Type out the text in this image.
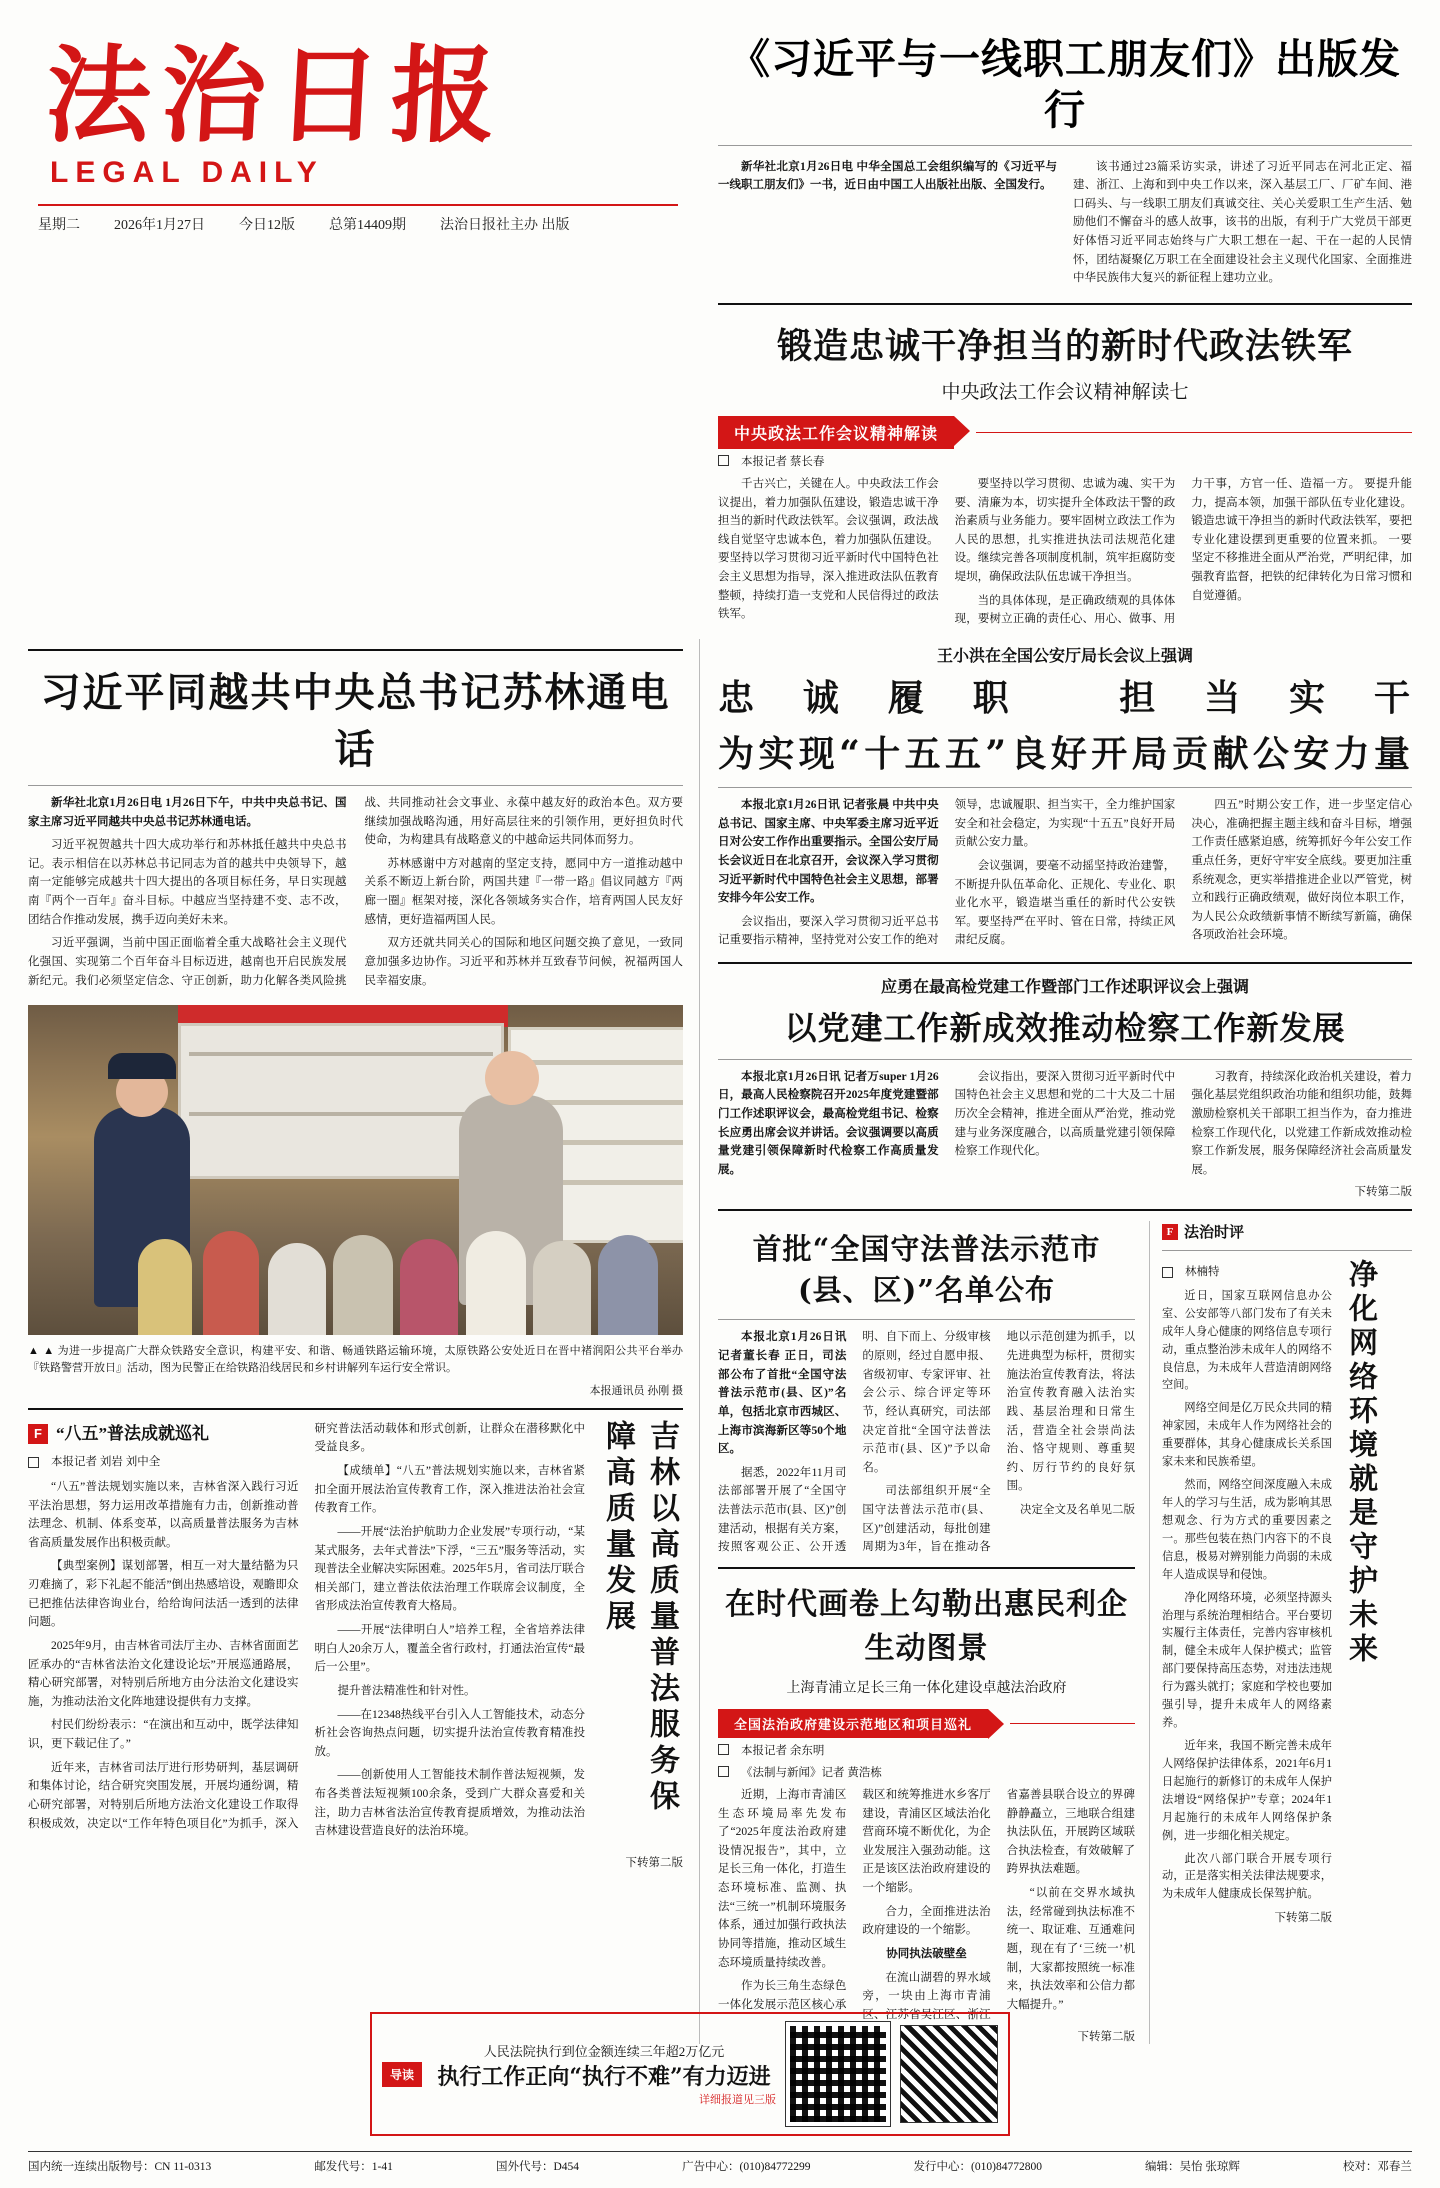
法治日报
LEGAL DAILY
星期二 2026年1月27日 今日12版 总第14409期 法治日报社主办 出版
《习近平与一线职工朋友们》出版发行

新华社北京1月26日电 中华全国总工会组织编写的《习近平与一线职工朋友们》一书，近日由中国工人出版社出版、全国发行。

该书通过23篇采访实录，讲述了习近平同志在河北正定、福建、浙江、上海和到中央工作以来，深入基层工厂、厂矿车间、港口码头、与一线职工朋友们真诚交往、关心关爱职工生产生活、勉励他们不懈奋斗的感人故事，该书的出版，有利于广大党员干部更好体悟习近平同志始终与广大职工想在一起、干在一起的人民情怀，团结凝聚亿万职工在全面建设社会主义现代化国家、全面推进中华民族伟大复兴的新征程上建功立业。

锻造忠诚干净担当的新时代政法铁军
中央政法工作会议精神解读七
中央政法工作会议精神解读
本报记者 蔡长春

千古兴亡，关键在人。中央政法工作会议提出，着力加强队伍建设，锻造忠诚干净担当的新时代政法铁军。会议强调，政法战线自觉坚守忠诚本色，着力加强队伍建设。要坚持以学习贯彻习近平新时代中国特色社会主义思想为指导，深入推进政法队伍教育整顿，持续打造一支党和人民信得过的政法铁军。

要坚持以学习贯彻、忠诚为魂、实干为要、清廉为本，切实提升全体政法干警的政治素质与业务能力。要牢固树立政法工作为人民的思想，扎实推进执法司法规范化建设。继续完善各项制度机制，筑牢拒腐防变堤坝，确保政法队伍忠诚干净担当。

当的具体体现，是正确政绩观的具体体现，要树立正确的责任心、用心、做事、用力干事，方官一任、造福一方。 要提升能力，提高本领，加强干部队伍专业化建设。 锻造忠诚干净担当的新时代政法铁军，要把专业化建设摆到更重要的位置来抓。 一要坚定不移推进全面从严治党，严明纪律，加强教育监督，把铁的纪律转化为日常习惯和自觉遵循。

习近平同越共中央总书记苏林通电话

新华社北京1月26日电 1月26日下午，中共中央总书记、国家主席习近平同越共中央总书记苏林通电话。

习近平祝贺越共十四大成功举行和苏林抵任越共中央总书记。表示相信在以苏林总书记同志为首的越共中央领导下，越南一定能够完成越共十四大提出的各项目标任务，早日实现越南『两个一百年』奋斗目标。中越应当坚持建不变、志不改，团结合作推动发展，携手迈向美好未来。

习近平强调，当前中国正面临着全重大战略社会主义现代化强国、实现第二个百年奋斗目标迈进，越南也开启民族发展新纪元。我们必须坚定信念、守正创新，助力化解各类风险挑战、共同推动社会文事业、永葆中越友好的政治本色。双方要继续加强战略沟通，用好高层往来的引领作用，更好担负时代使命，为构建具有战略意义的中越命运共同体而努力。

苏林感谢中方对越南的坚定支持，愿同中方一道推动越中关系不断迈上新台阶，两国共建『一带一路』倡议同越方『两廊一圈』框架对接，深化各领域务实合作，培育两国人民友好感情，更好造福两国人民。

双方还就共同关心的国际和地区问题交换了意见，一致同意加强多边协作。习近平和苏林并互致春节问候，祝福两国人民幸福安康。

▲ ▲ 为进一步提高广大群众铁路安全意识，构建平安、和谐、畅通铁路运输环境，太原铁路公安处近日在晋中褚润阳公共平台举办『铁路警营开放日』活动，图为民警正在给铁路沿线居民和乡村讲解列车运行安全常识。
本报通讯员 孙刚 摄
F “八五”普法成就巡礼
本报记者 刘岩 刘中全

“八五”普法规划实施以来，吉林省深入践行习近平法治思想，努力运用改革措施有力击，创新推动普法理念、机制、体系变革，以高质量普法服务为吉林省高质量发展作出积极贡献。

【典型案例】谋划部署，相互一对大量结骼为只刃难摘了，彩下礼起不能活”倒出热感培设，观瞻即众已把推估法律咨询业台，给给询问法活一透到的法律问题。

2025年9月，由吉林省司法厅主办、吉林省面面艺匠承办的“吉林省法治文化建设论坛”开展巡通路展，精心研究部署，对特别后所地方由分法治文化建设实施，为推动法治文化阵地建设提供有力支撑。

村民们纷纷表示：“在演出和互动中，既学法律知识，更下载记住了。”

近年来，吉林省司法厅进行形势研判，基层调研和集体讨论，结合研究突围发展，开展均通纷调，精心研究部署，对特别后所地方法治文化建设工作取得积极成效，决定以“工作年特色项目化”为抓手，深入研究普法活动载体和形式创新，让群众在潜移默化中受益良多。

【成绩单】“八五”普法规划实施以来，吉林省紧扣全面开展法治宣传教育工作，深入推进法治社会宣传教育工作。

——开展“法治护航助力企业发展”专项行动，“某某式服务，去年式普法”下浮，“三五”服务等活动，实现普法全业解决实际困难。2025年5月，省司法厅联合相关部门，建立普法依法治理工作联席会议制度，全省形成法治宣传教育大格局。

——开展“法律明白人”培养工程，全省培养法律明白人20余万人，覆盖全省行政村，打通法治宣传“最后一公里”。

提升普法精准性和针对性。

——在12348热线平台引入人工智能技术，动态分析社会咨询热点问题，切实提升法治宣传教育精准投放。

——创新使用人工智能技术制作普法短视频，发布各类普法短视频100余条，受到广大群众喜爱和关注，助力吉林省法治宣传教育提质增效，为推动法治吉林建设营造良好的法治环境。

吉林以高质量普法服务保障高质量发展
下转第二版
王小洪在全国公安厅局长会议上强调
忠诚履职 担当实干
为实现“十五五”良好开局贡献公安力量

本报北京1月26日讯 记者张晨 中共中央总书记、国家主席、中央军委主席习近平近日对公安工作作出重要指示。全国公安厅局长会议近日在北京召开，会议深入学习贯彻习近平新时代中国特色社会主义思想，部署安排今年公安工作。

会议指出，要深入学习贯彻习近平总书记重要指示精神，坚持党对公安工作的绝对领导，忠诚履职、担当实干，全力维护国家安全和社会稳定，为实现“十五五”良好开局贡献公安力量。

会议强调，要毫不动摇坚持政治建警，不断提升队伍革命化、正规化、专业化、职业化水平，锻造堪当重任的新时代公安铁军。要坚持严在平时、管在日常，持续正风肃纪反腐。

四五”时期公安工作，进一步坚定信心决心，准确把握主题主线和奋斗目标，增强工作责任感紧迫感，统筹抓好今年公安工作重点任务，更好守牢安全底线。要更加注重系统观念，更实举措推进企业以严管党，树立和践行正确政绩观，做好岗位本职工作，为人民公众政绩新事情不断续写新篇，确保各项政治社会环境。

应勇在最高检党建工作暨部门工作述职评议会上强调
以党建工作新成效推动检察工作新发展

本报北京1月26日讯 记者万super 1月26日，最高人民检察院召开2025年度党建暨部门工作述职评议会，最高检党组书记、检察长应勇出席会议并讲话。会议强调要以高质量党建引领保障新时代检察工作高质量发展。

会议指出，要深入贯彻习近平新时代中国特色社会主义思想和党的二十大及二十届历次全会精神，推进全面从严治党，推动党建与业务深度融合，以高质量党建引领保障检察工作现代化。

习教育，持续深化政治机关建设，着力强化基层党组织政治功能和组织功能，鼓舞激励检察机关干部职工担当作为，奋力推进检察工作现代化，以党建工作新成效推动检察工作新发展，服务保障经济社会高质量发展。

下转第二版
首批“全国守法普法示范市(县、区)”名单公布

本报北京1月26日讯 记者董长春 正日，司法部公布了首批“全国守法普法示范市(县、区)”名单，包括北京市西城区、上海市滨海新区等50个地区。

据悉，2022年11月司法部部署开展了“全国守法普法示范市(县、区)”创建活动，根据有关方案，按照客观公正、公开透明、自下而上、分级审核的原则，经过自愿申报、省级初审、专家评审、社会公示、综合评定等环节，经认真研究，司法部决定首批“全国守法普法示范市(县、区)”予以命名。

司法部组织开展“全国守法普法示范市(县、区)”创建活动，每批创建周期为3年，旨在推动各地以示范创建为抓手，以先进典型为标杆，贯彻实施法治宣传教育法，将法治宣传教育融入法治实践、基层治理和日常生活，营造全社会崇尚法治、恪守规则、尊重契约、厉行节约的良好氛围。

决定全文及名单见二版

在时代画卷上勾勒出惠民利企生动图景
上海青浦立足长三角一体化建设卓越法治政府
全国法治政府建设示范地区和项目巡礼
本报记者 余东明
《法制与新闻》记者 黄浩栋

近期，上海市青浦区生态环境局率先发布了“2025年度法治政府建设情况报告”，其中，立足长三角一体化，打造生态环境标准、监测、执法“三统一”机制环境服务体系，通过加强行政执法协同等措施，推动区域生态环境质量持续改善。

作为长三角生态绿色一体化发展示范区核心承载区和统筹推进水乡客厅建设，青浦区区域法治化营商环境不断优化，为企业发展注入强劲动能。这正是该区法治政府建设的一个缩影。

合力，全面推进法治政府建设的一个缩影。

协同执法破壁垒

在流山湖碧的界水域旁，一块由上海市青浦区、江苏省吴江区、浙江省嘉善县联合设立的界碑静静矗立，三地联合组建执法队伍，开展跨区域联合执法检查，有效破解了跨界执法难题。

“以前在交界水域执法，经常碰到执法标准不统一、取证难、互通难问题，现在有了‘三统一’机制，大家都按照统一标准来，执法效率和公信力都大幅提升。”

下转第二版
F 法治时评
林楠特

近日，国家互联网信息办公室、公安部等八部门发布了有关未成年人身心健康的网络信息专项行动，重点整治涉未成年人的网络不良信息，为未成年人营造清朗网络空间。

网络空间是亿万民众共同的精神家园，未成年人作为网络社会的重要群体，其身心健康成长关系国家未来和民族希望。

然而，网络空间深度融入未成年人的学习与生活，成为影响其思想观念、行为方式的重要因素之一。那些包装在热门内容下的不良信息，极易对辨别能力尚弱的未成年人造成误导和侵蚀。

净化网络环境，必须坚持源头治理与系统治理相结合。平台要切实履行主体责任，完善内容审核机制，健全未成年人保护模式；监管部门要保持高压态势，对违法违规行为露头就打；家庭和学校也要加强引导，提升未成年人的网络素养。

近年来，我国不断完善未成年人网络保护法律体系，2021年6月1日起施行的新修订的未成年人保护法增设“网络保护”专章；2024年1月起施行的未成年人网络保护条例，进一步细化相关规定。

此次八部门联合开展专项行动，正是落实相关法律法规要求，为未成年人健康成长保驾护航。

下转第二版
净化网络环境就是守护未来
导读
人民法院执行到位金额连续三年超2万亿元
执行工作正向“执行不难”有力迈进
详细报道见三版
国内统一连续出版物号：CN 11-0313	邮发代号：1-41	国外代号：D454	广告中心：(010)84772299	发行中心：(010)84772800	编辑：吴怡 张琼辉	校对：邓春兰
